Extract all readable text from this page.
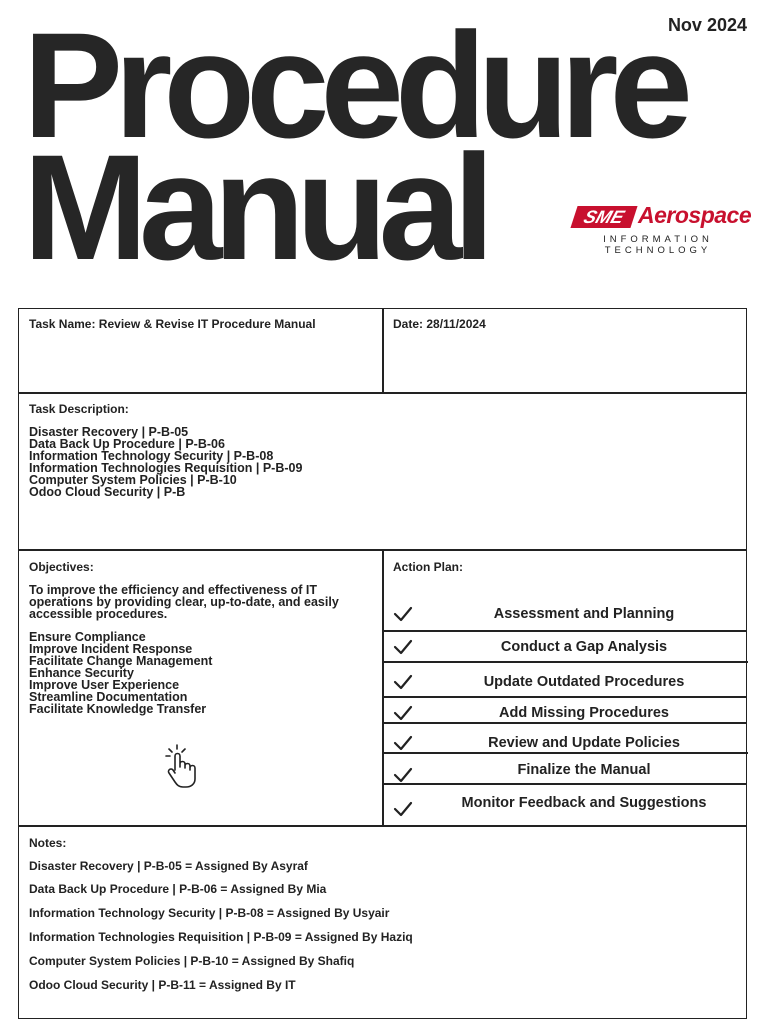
Nov 2024
Procedure
Manual	SME Aerospace
INFORMATION
TECHNOLOGY
Task Name: Review & Revise IT Procedure Manual	Date: 28/11/2024
Task Description:
Disaster Recovery | P-B-05
Data Back Up Procedure | P-B-06
Information Technology Security | P-B-08
Information Technologies Requisition | P-B-09
Computer System Policies | P-B-10
Odoo Cloud Security | P-B
Objectives:
To improve the efficiency and effectiveness of IT
operations by providing clear, up-to-date, and easily
accessible procedures.
Ensure Compliance
Improve Incident Response
Facilitate Change Management
Enhance Security
Improve User Experience
Streamline Documentation
Facilitate Knowledge Transfer
Action Plan:
Assessment and Planning
Conduct a Gap Analysis
Update Outdated Procedures
Add Missing Procedures
Review and Update Policies
Finalize the Manual
Monitor Feedback and Suggestions
Notes:
Disaster Recovery | P-B-05 = Assigned By Asyraf
Data Back Up Procedure | P-B-06 = Assigned By Mia
Information Technology Security | P-B-08 = Assigned By Usyair
Information Technologies Requisition | P-B-09 = Assigned By Haziq
Computer System Policies | P-B-10 = Assigned By Shafiq
Odoo Cloud Security | P-B-11 = Assigned By IT
